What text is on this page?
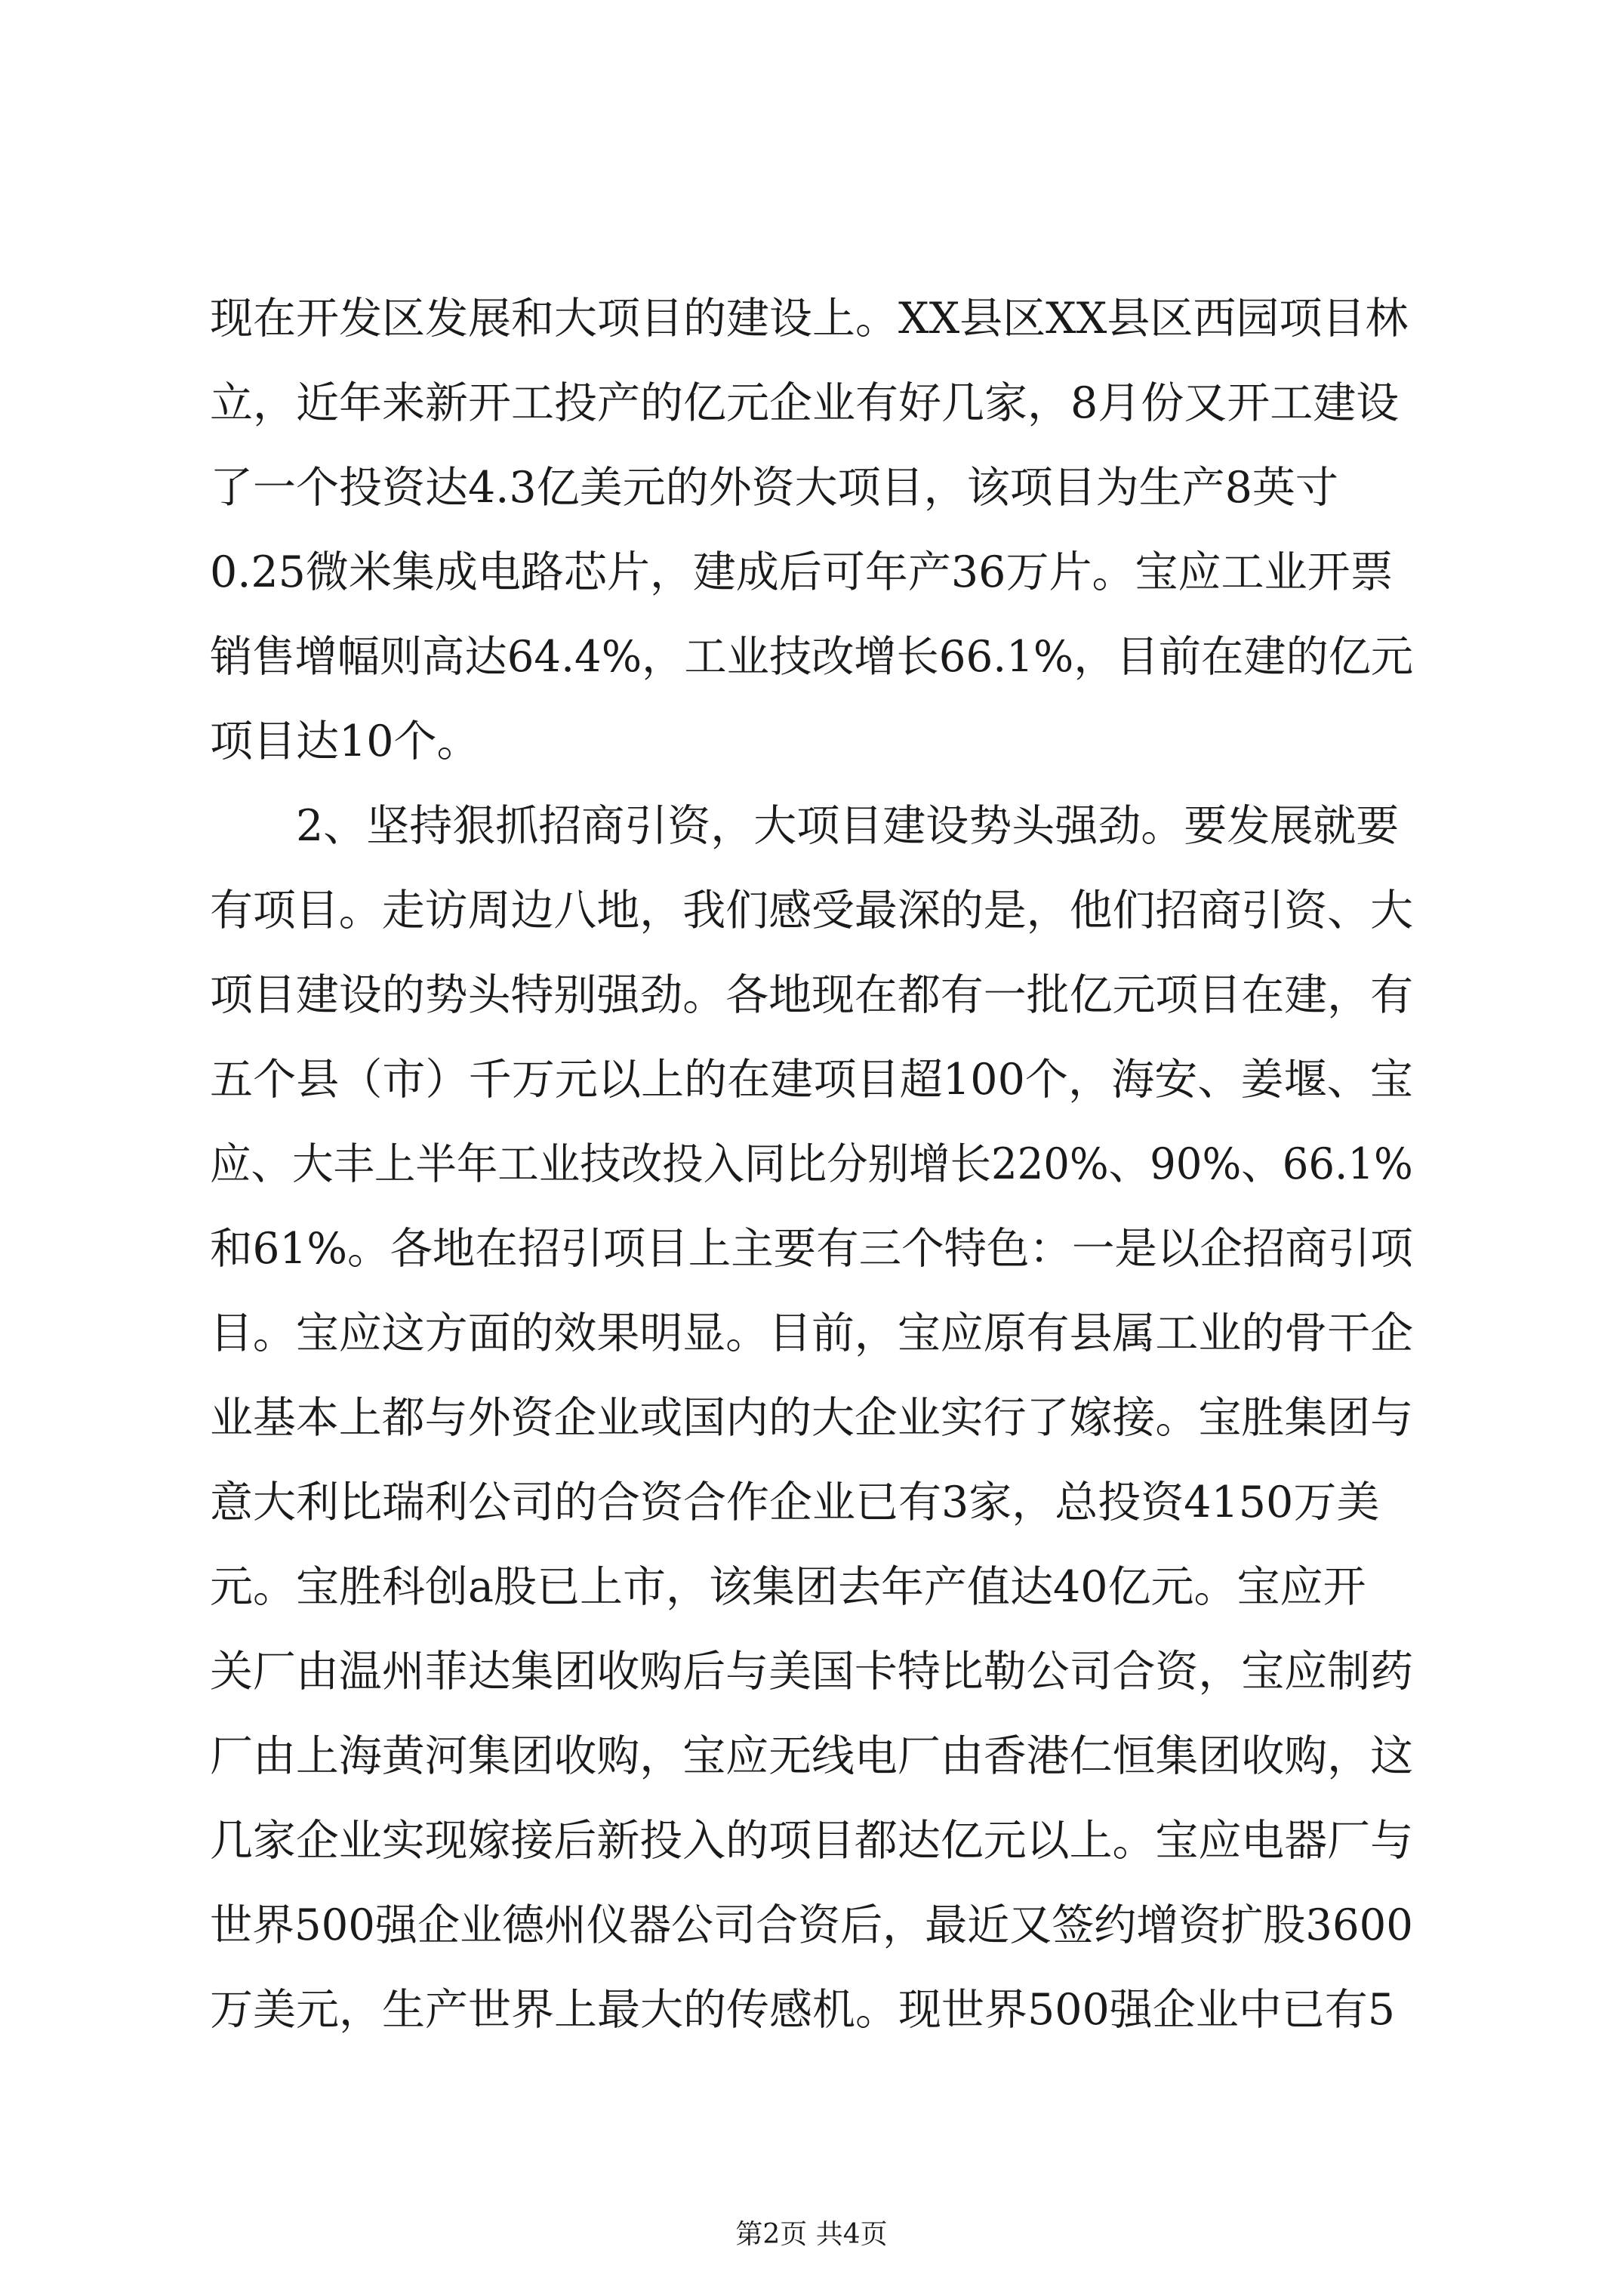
现在开发区发展和大项目的建设上。XX县区XX县区西园项目林
立，近年来新开工投产的亿元企业有好几家，8月份又开工建设
了一个投资达4.3亿美元的外资大项目，该项目为生产8英寸
0.25微米集成电路芯片，建成后可年产36万片。宝应工业开票
销售增幅则高达64.4%，工业技改增长66.1%，目前在建的亿元
项目达10个。
2、坚持狠抓招商引资，大项目建设势头强劲。要发展就要
有项目。走访周边八地，我们感受最深的是，他们招商引资、大
项目建设的势头特别强劲。各地现在都有一批亿元项目在建，有
五个县（市）千万元以上的在建项目超100个，海安、姜堰、宝
应、大丰上半年工业技改投入同比分别增长220%、90%、66.1%
和61%。各地在招引项目上主要有三个特色：一是以企招商引项
目。宝应这方面的效果明显。目前，宝应原有县属工业的骨干企
业基本上都与外资企业或国内的大企业实行了嫁接。宝胜集团与
意大利比瑞利公司的合资合作企业已有3家，总投资4150万美
元。宝胜科创a股已上市，该集团去年产值达40亿元。宝应开
关厂由温州菲达集团收购后与美国卡特比勒公司合资，宝应制药
厂由上海黄河集团收购，宝应无线电厂由香港仁恒集团收购，这
几家企业实现嫁接后新投入的项目都达亿元以上。宝应电器厂与
世界500强企业德州仪器公司合资后，最近又签约增资扩股3600
万美元，生产世界上最大的传感机。现世界500强企业中已有5
第2页 共4页
